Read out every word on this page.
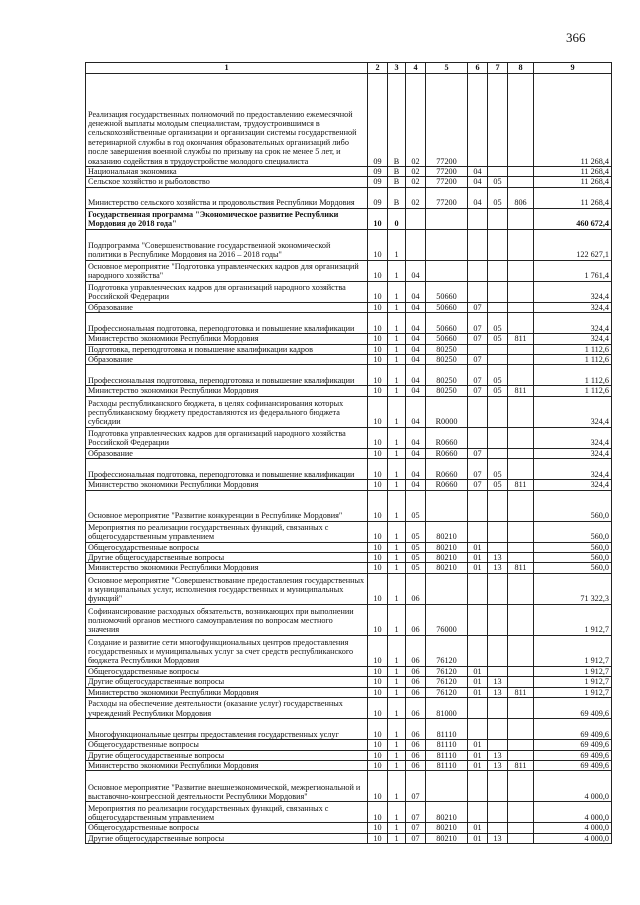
366
1	2	3	4	5	6	7	8	9
Реализация государственных полномочий по предоставлению ежемесячной денежной выплаты молодым специалистам, трудоустроившимся в сельскохозяйственные организации и организации системы государственной ветеринарной службы в год окончания образовательных организаций либо после завершения военной службы по призыву на срок не менее 5 лет, и оказанию содействия в трудоустройстве молодого специалиста	09	В	02	77200				11 268,4
Национальная экономика	09	В	02	77200	04			11 268,4
Сельское хозяйство и рыболовство	09	В	02	77200	04	05		11 268,4
Министерство сельского хозяйства и продовольствия Республики Мордовия	09	В	02	77200	04	05	806	11 268,4
Государственная программа "Экономическое развитие Республики Мордовия до 2018 года"	10	0						460 672,4
Подпрограмма "Совершенствование государственной экономической политики в Республике Мордовия на 2016 – 2018 годы"	10	1						122 627,1
Основное мероприятие "Подготовка управленческих кадров для организаций народного хозяйства"	10	1	04					1 761,4
Подготовка управленческих кадров для организаций народного хозяйства Российской Федерации	10	1	04	50660				324,4
Образование	10	1	04	50660	07			324,4
Профессиональная подготовка, переподготовка и повышение квалификации	10	1	04	50660	07	05		324,4
Министерство экономики Республики Мордовия	10	1	04	50660	07	05	811	324,4
Подготовка, переподготовка и повышение квалификации кадров	10	1	04	80250				1 112,6
Образование	10	1	04	80250	07			1 112,6
Профессиональная подготовка, переподготовка и повышение квалификации	10	1	04	80250	07	05		1 112,6
Министерство экономики Республики Мордовия	10	1	04	80250	07	05	811	1 112,6
Расходы республиканского бюджета, в целях софинансирования которых республиканскому бюджету предоставляются из федерального бюджета субсидии	10	1	04	R0000				324,4
Подготовка управленческих кадров для организаций народного хозяйства Российской Федерации	10	1	04	R0660				324,4
Образование	10	1	04	R0660	07			324,4
Профессиональная подготовка, переподготовка и повышение квалификации	10	1	04	R0660	07	05		324,4
Министерство экономики Республики Мордовия	10	1	04	R0660	07	05	811	324,4
Основное мероприятие "Развитие конкуренции в Республике Мордовия"	10	1	05					560,0
Мероприятия по реализации государственных функций, связанных с общегосударственным управлением	10	1	05	80210				560,0
Общегосударственные вопросы	10	1	05	80210	01			560,0
Другие общегосударственные вопросы	10	1	05	80210	01	13		560,0
Министерство экономики Республики Мордовия	10	1	05	80210	01	13	811	560,0
Основное мероприятие "Совершенствование предоставления государственных и муниципальных услуг, исполнения государственных и муниципальных функций"	10	1	06					71 322,3
Софинансирование расходных обязательств, возникающих при выполнении полномочий органов местного самоуправления по вопросам местного значения	10	1	06	76000				1 912,7
Создание и развитие сети многофункциональных центров предоставления государственных и муниципальных услуг за счет средств республиканского бюджета Республики Мордовия	10	1	06	76120				1 912,7
Общегосударственные вопросы	10	1	06	76120	01			1 912,7
Другие общегосударственные вопросы	10	1	06	76120	01	13		1 912,7
Министерство экономики Республики Мордовия	10	1	06	76120	01	13	811	1 912,7
Расходы на обеспечение деятельности (оказание услуг) государственных учреждений Республики Мордовия	10	1	06	81000				69 409,6
Многофункциональные центры предоставления государственных услуг	10	1	06	81110				69 409,6
Общегосударственные вопросы	10	1	06	81110	01			69 409,6
Другие общегосударственные вопросы	10	1	06	81110	01	13		69 409,6
Министерство экономики Республики Мордовия	10	1	06	81110	01	13	811	69 409,6
Основное мероприятие "Развитие внешнеэкономической, межрегиональной и выставочно-конгрессной деятельности Республики Мордовия"	10	1	07					4 000,0
Мероприятия по реализации государственных функций, связанных с общегосударственным управлением	10	1	07	80210				4 000,0
Общегосударственные вопросы	10	1	07	80210	01			4 000,0
Другие общегосударственные вопросы	10	1	07	80210	01	13		4 000,0
